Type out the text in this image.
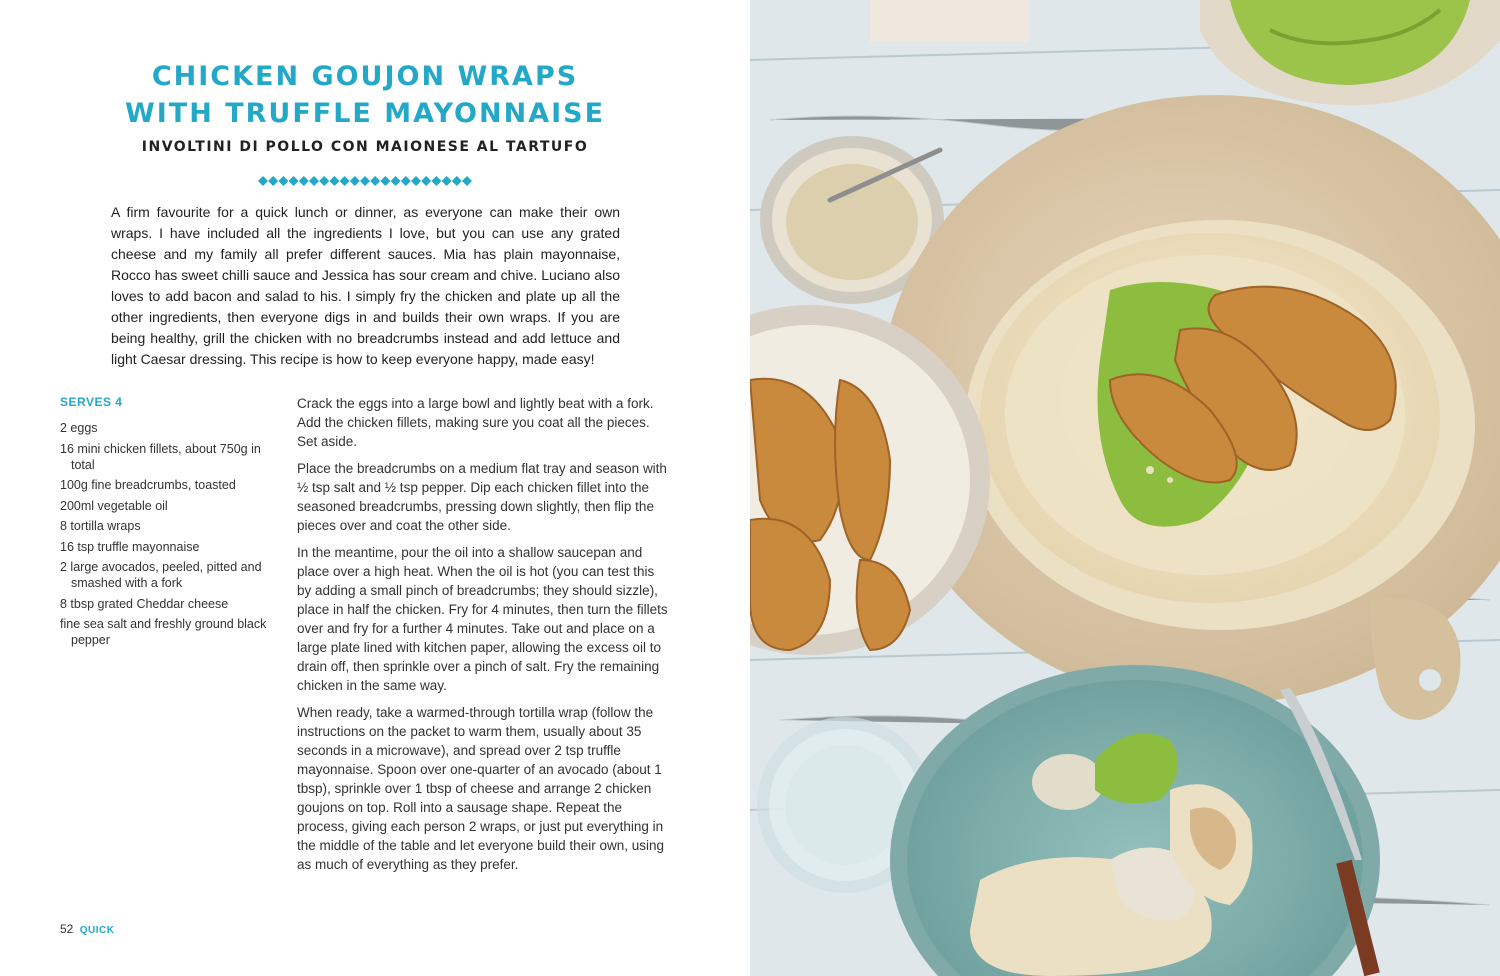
CHICKEN GOUJON WRAPS
WITH TRUFFLE MAYONNAISE
INVOLTINI DI POLLO CON MAIONESE AL TARTUFO

A firm favourite for a quick lunch or dinner, as everyone can make their own wraps. I have included all the ingredients I love, but you can use any grated cheese and my family all prefer different sauces. Mia has plain mayonnaise, Rocco has sweet chilli sauce and Jessica has sour cream and chive. Luciano also loves to add bacon and salad to his. I simply fry the chicken and plate up all the other ingredients, then everyone digs in and builds their own wraps. If you are being healthy, grill the chicken with no breadcrumbs instead and add lettuce and light Caesar dressing. This recipe is how to keep everyone happy, made easy!

SERVES 4
2 eggs
16 mini chicken fillets, about 750g in total
100g fine breadcrumbs, toasted
200ml vegetable oil
8 tortilla wraps
16 tsp truffle mayonnaise
2 large avocados, peeled, pitted and smashed with a fork
8 tbsp grated Cheddar cheese
fine sea salt and freshly ground black pepper

Crack the eggs into a large bowl and lightly beat with a fork. Add the chicken fillets, making sure you coat all the pieces. Set aside.

Place the breadcrumbs on a medium flat tray and season with ½ tsp salt and ½ tsp pepper. Dip each chicken fillet into the seasoned breadcrumbs, pressing down slightly, then flip the pieces over and coat the other side.

In the meantime, pour the oil into a shallow saucepan and place over a high heat. When the oil is hot (you can test this by adding a small pinch of breadcrumbs; they should sizzle), place in half the chicken. Fry for 4 minutes, then turn the fillets over and fry for a further 4 minutes. Take out and place on a large plate lined with kitchen paper, allowing the excess oil to drain off, then sprinkle over a pinch of salt. Fry the remaining chicken in the same way.

When ready, take a warmed-through tortilla wrap (follow the instructions on the packet to warm them, usually about 35 seconds in a microwave), and spread over 2 tsp truffle mayonnaise. Spoon over one-quarter of an avocado (about 1 tbsp), sprinkle over 1 tbsp of cheese and arrange 2 chicken goujons on top. Roll into a sausage shape. Repeat the process, giving each person 2 wraps, or just put everything in the middle of the table and let everyone build their own, using as much of everything as they prefer.

52 QUICK
